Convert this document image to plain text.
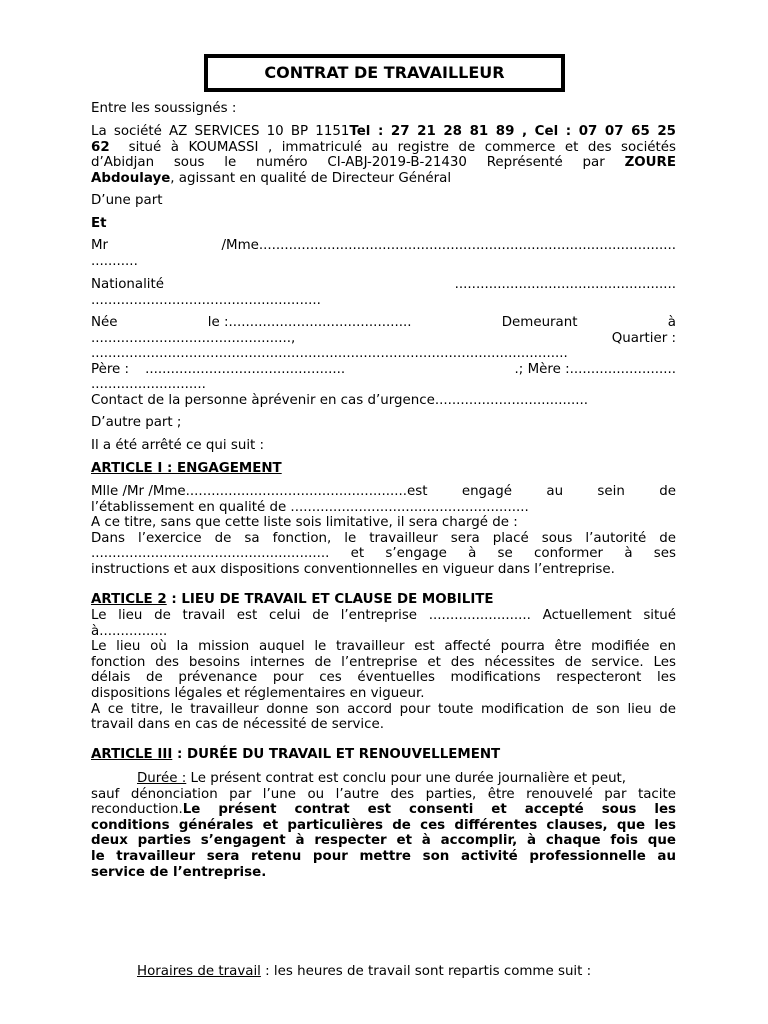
CONTRAT DE TRAVAILLEUR
Entre les soussignés :
La société AZ SERVICES 10 BP 1151Tel : 27 21 28 81 89 , Cel : 07 07 65 25
62 situé à KOUMASSI , immatriculé au registre de commerce et des sociétés
d’Abidjan sous le numéro CI-ABJ-2019-B-21430 Représenté par ZOURE
Abdoulaye, agissant en qualité de Directeur Général
D’une part
Et
Mr	/Mme..................................................................................................
...........
Nationalité	....................................................
......................................................
Née	le :...........................................	Demeurant	à
...............................................,	Quartier :
................................................................................................................
Père : ...............................................	.; Mère :.........................
...........................
Contact de la personne àprévenir en cas d’urgence....................................
D’autre part ;
Il a été arrêté ce qui suit :
ARTICLE I : ENGAGEMENT
Mlle /Mr /Mme....................................................est	engagé	au	sein	de
l’établissement en qualité de ........................................................
A ce titre, sans que cette liste sois limitative, il sera chargé de :
Dans l’exercice de sa fonction, le travailleur sera placé sous l’autorité de
........................................................ et s’engage à se conformer à ses
instructions et aux dispositions conventionnelles en vigueur dans l’entreprise.
ARTICLE 2 : LIEU DE TRAVAIL ET CLAUSE DE MOBILITE
Le lieu de travail est celui de l’entreprise ........................ Actuellement situé
à................
Le lieu où la mission auquel le travailleur est affecté pourra être modifiée en
fonction des besoins internes de l’entreprise et des nécessites de service. Les
délais de prévenance pour ces éventuelles modifications respecteront les
dispositions légales et réglementaires en vigueur.
A ce titre, le travailleur donne son accord pour toute modification de son lieu de
travail dans en cas de nécessité de service.
ARTICLE III : DURÉE DU TRAVAIL ET RENOUVELLEMENT
Durée : Le présent contrat est conclu pour une durée journalière et peut,
sauf dénonciation par l’une ou l’autre des parties, être renouvelé par tacite
reconduction.Le présent contrat est consenti et accepté sous les
conditions générales et particulières de ces différentes clauses, que les
deux parties s’engagent à respecter et à accomplir, à chaque fois que
le travailleur sera retenu pour mettre son activité professionnelle au
service de l’entreprise.
Horaires de travail : les heures de travail sont repartis comme suit :
